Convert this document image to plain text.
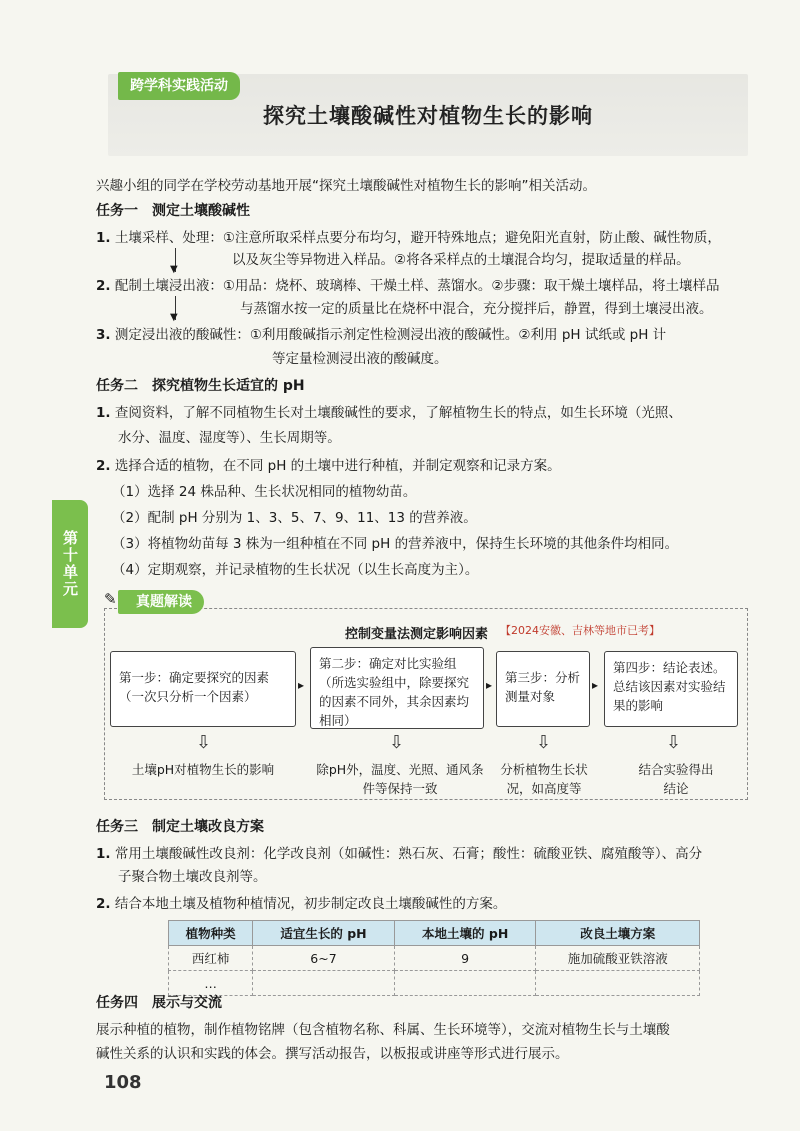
跨学科实践活动
探究土壤酸碱性对植物生长的影响
兴趣小组的同学在学校劳动基地开展“探究土壤酸碱性对植物生长的影响”相关活动。
任务一　测定土壤酸碱性
1. 土壤采样、处理：①注意所取采样点要分布均匀，避开特殊地点；避免阳光直射，防止酸、碱性物质，
以及灰尘等异物进入样品。②将各采样点的土壤混合均匀，提取适量的样品。
▼
2. 配制土壤浸出液：①用品：烧杯、玻璃棒、干燥土样、蒸馏水。②步骤：取干燥土壤样品，将土壤样品
与蒸馏水按一定的质量比在烧杯中混合，充分搅拌后，静置，得到土壤浸出液。
▼
3. 测定浸出液的酸碱性：①利用酸碱指示剂定性检测浸出液的酸碱性。②利用 pH 试纸或 pH 计
等定量检测浸出液的酸碱度。
任务二　探究植物生长适宜的 pH
1. 查阅资料，了解不同植物生长对土壤酸碱性的要求，了解植物生长的特点，如生长环境（光照、
水分、温度、湿度等）、生长周期等。
2. 选择合适的植物，在不同 pH 的土壤中进行种植，并制定观察和记录方案。
（1）选择 24 株品种、生长状况相同的植物幼苗。
（2）配制 pH 分别为 1、3、5、7、9、11、13 的营养液。
（3）将植物幼苗每 3 株为一组种植在不同 pH 的营养液中，保持生长环境的其他条件均相同。
（4）定期观察，并记录植物的生长状况（以生长高度为主）。
第十单元
✎	真题解读
控制变量法测定影响因素 【2024安徽、吉林等地市已考】
第一步：确定要探究的因素（一次只分析一个因素）
▸
第二步：确定对比实验组（所选实验组中，除要探究的因素不同外，其余因素均相同）
▸	第三步：分析测量对象
▸
第四步：结论表述。总结该因素对实验结果的影响
⇩	⇩	⇩	⇩
土壤pH对植物生长的影响	除pH外，温度、光照、通风条件等保持一致
分析植物生长状况，如高度等
结合实验得出结论
任务三　制定土壤改良方案
1. 常用土壤酸碱性改良剂：化学改良剂（如碱性：熟石灰、石膏；酸性：硫酸亚铁、腐殖酸等）、高分
子聚合物土壤改良剂等。
2. 结合本地土壤及植物种植情况，初步制定改良土壤酸碱性的方案。
植物种类	适宜生长的 pH	本地土壤的 pH	改良土壤方案
西红柿	6~7	9	施加硫酸亚铁溶液
…			
任务四　展示与交流
展示种植的植物，制作植物铭牌（包含植物名称、科属、生长环境等），交流对植物生长与土壤酸
碱性关系的认识和实践的体会。撰写活动报告，以板报或讲座等形式进行展示。
108
